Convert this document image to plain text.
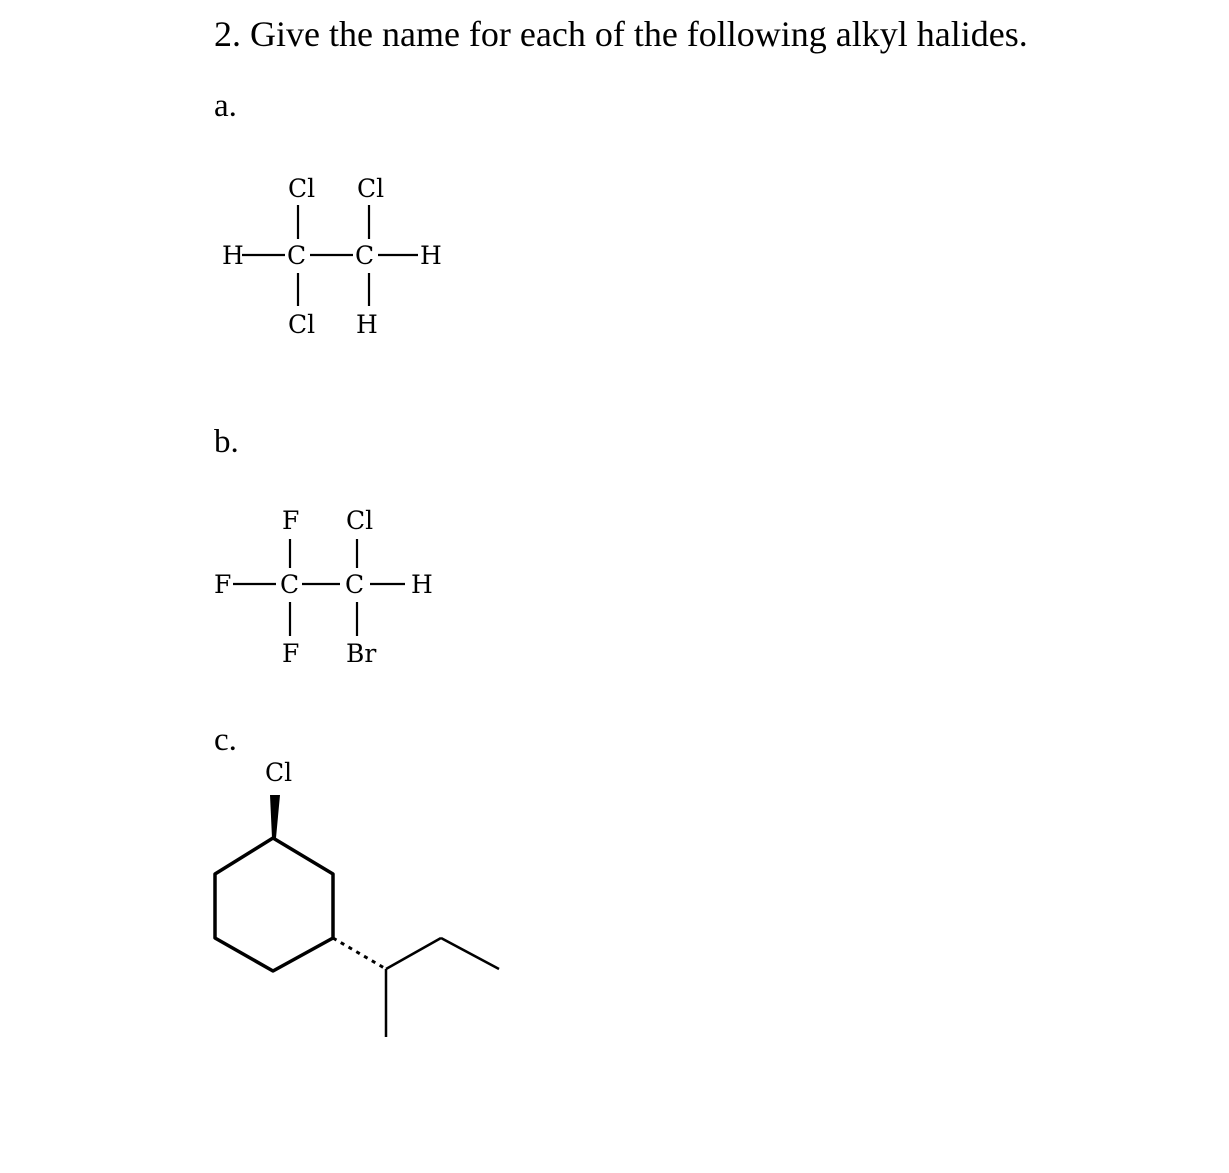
2. Give the name for each of the following alkyl halides.
a.
b.
c.
Cl Cl
H C C H
Cl H
F Cl
F C C H
F Br
Cl
